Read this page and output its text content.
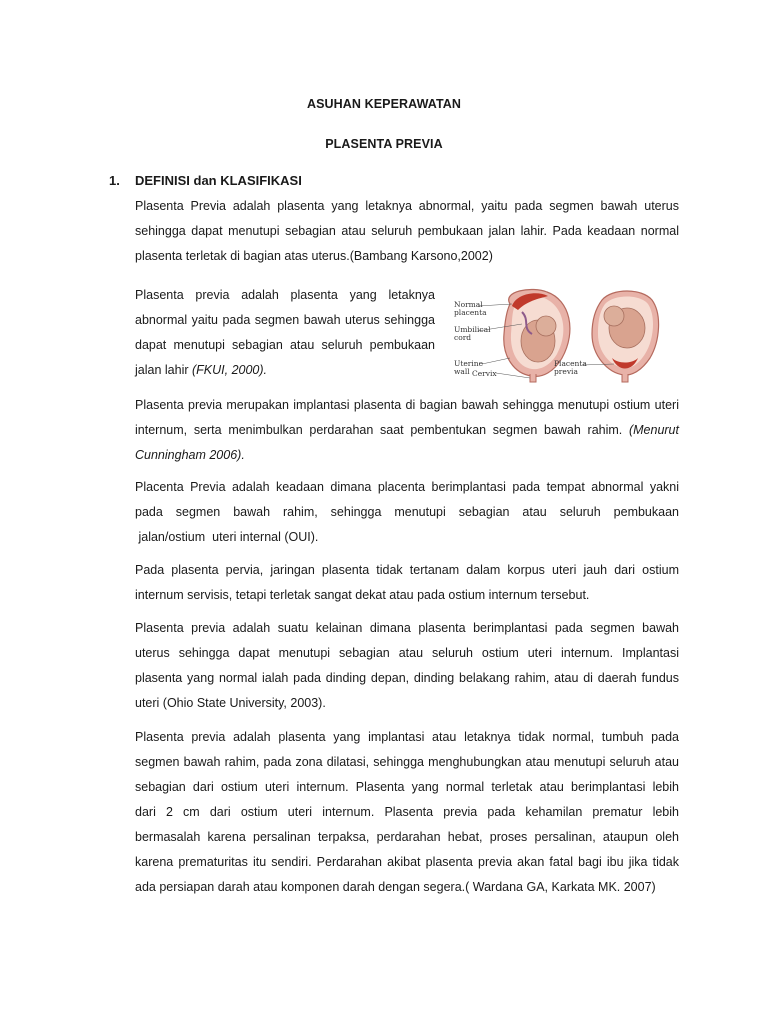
ASUHAN KEPERAWATAN
PLASENTA PREVIA
1. DEFINISI dan KLASIFIKASI
Plasenta Previa adalah plasenta yang letaknya abnormal, yaitu pada segmen bawah uterus
sehingga dapat menutupi sebagian atau seluruh pembukaan jalan lahir. Pada keadaan normal
plasenta terletak di bagian atas uterus.(Bambang Karsono,2002)
Plasenta previa adalah plasenta yang letaknya
abnormal yaitu pada segmen bawah uterus sehingga
dapat menutupi sebagian atau seluruh pembukaan
jalan lahir (FKUI, 2000).
Normal placenta
Umbilical cord
Uterine wall Cervix
Placenta previa
Plasenta previa merupakan implantasi plasenta di bagian bawah sehingga menutupi ostium uteri
internum, serta menimbulkan perdarahan saat pembentukan segmen bawah rahim. (Menurut
Cunningham 2006).
Placenta Previa adalah keadaan dimana placenta berimplantasi pada tempat abnormal yakni
pada segmen bawah rahim, sehingga menutupi sebagian atau seluruh pembukaan
jalan/ostium  uteri internal (OUI).
Pada plasenta pervia, jaringan plasenta tidak tertanam dalam korpus uteri jauh dari ostium
internum servisis, tetapi terletak sangat dekat atau pada ostium internum tersebut.
Plasenta previa adalah suatu kelainan dimana plasenta berimplantasi pada segmen bawah
uterus sehingga dapat menutupi sebagian atau seluruh ostium uteri internum. Implantasi
plasenta yang normal ialah pada dinding depan, dinding belakang rahim, atau di daerah fundus
uteri (Ohio State University, 2003).
Plasenta previa adalah plasenta yang implantasi atau letaknya tidak normal, tumbuh pada
segmen bawah rahim, pada zona dilatasi, sehingga menghubungkan atau menutupi seluruh atau
sebagian dari ostium uteri internum. Plasenta yang normal terletak atau berimplantasi lebih
dari 2 cm dari ostium uteri internum. Plasenta previa pada kehamilan prematur lebih
bermasalah karena persalinan terpaksa, perdarahan hebat, proses persalinan, ataupun oleh
karena prematuritas itu sendiri. Perdarahan akibat plasenta previa akan fatal bagi ibu jika tidak
ada persiapan darah atau komponen darah dengan segera.( Wardana GA, Karkata MK. 2007)
